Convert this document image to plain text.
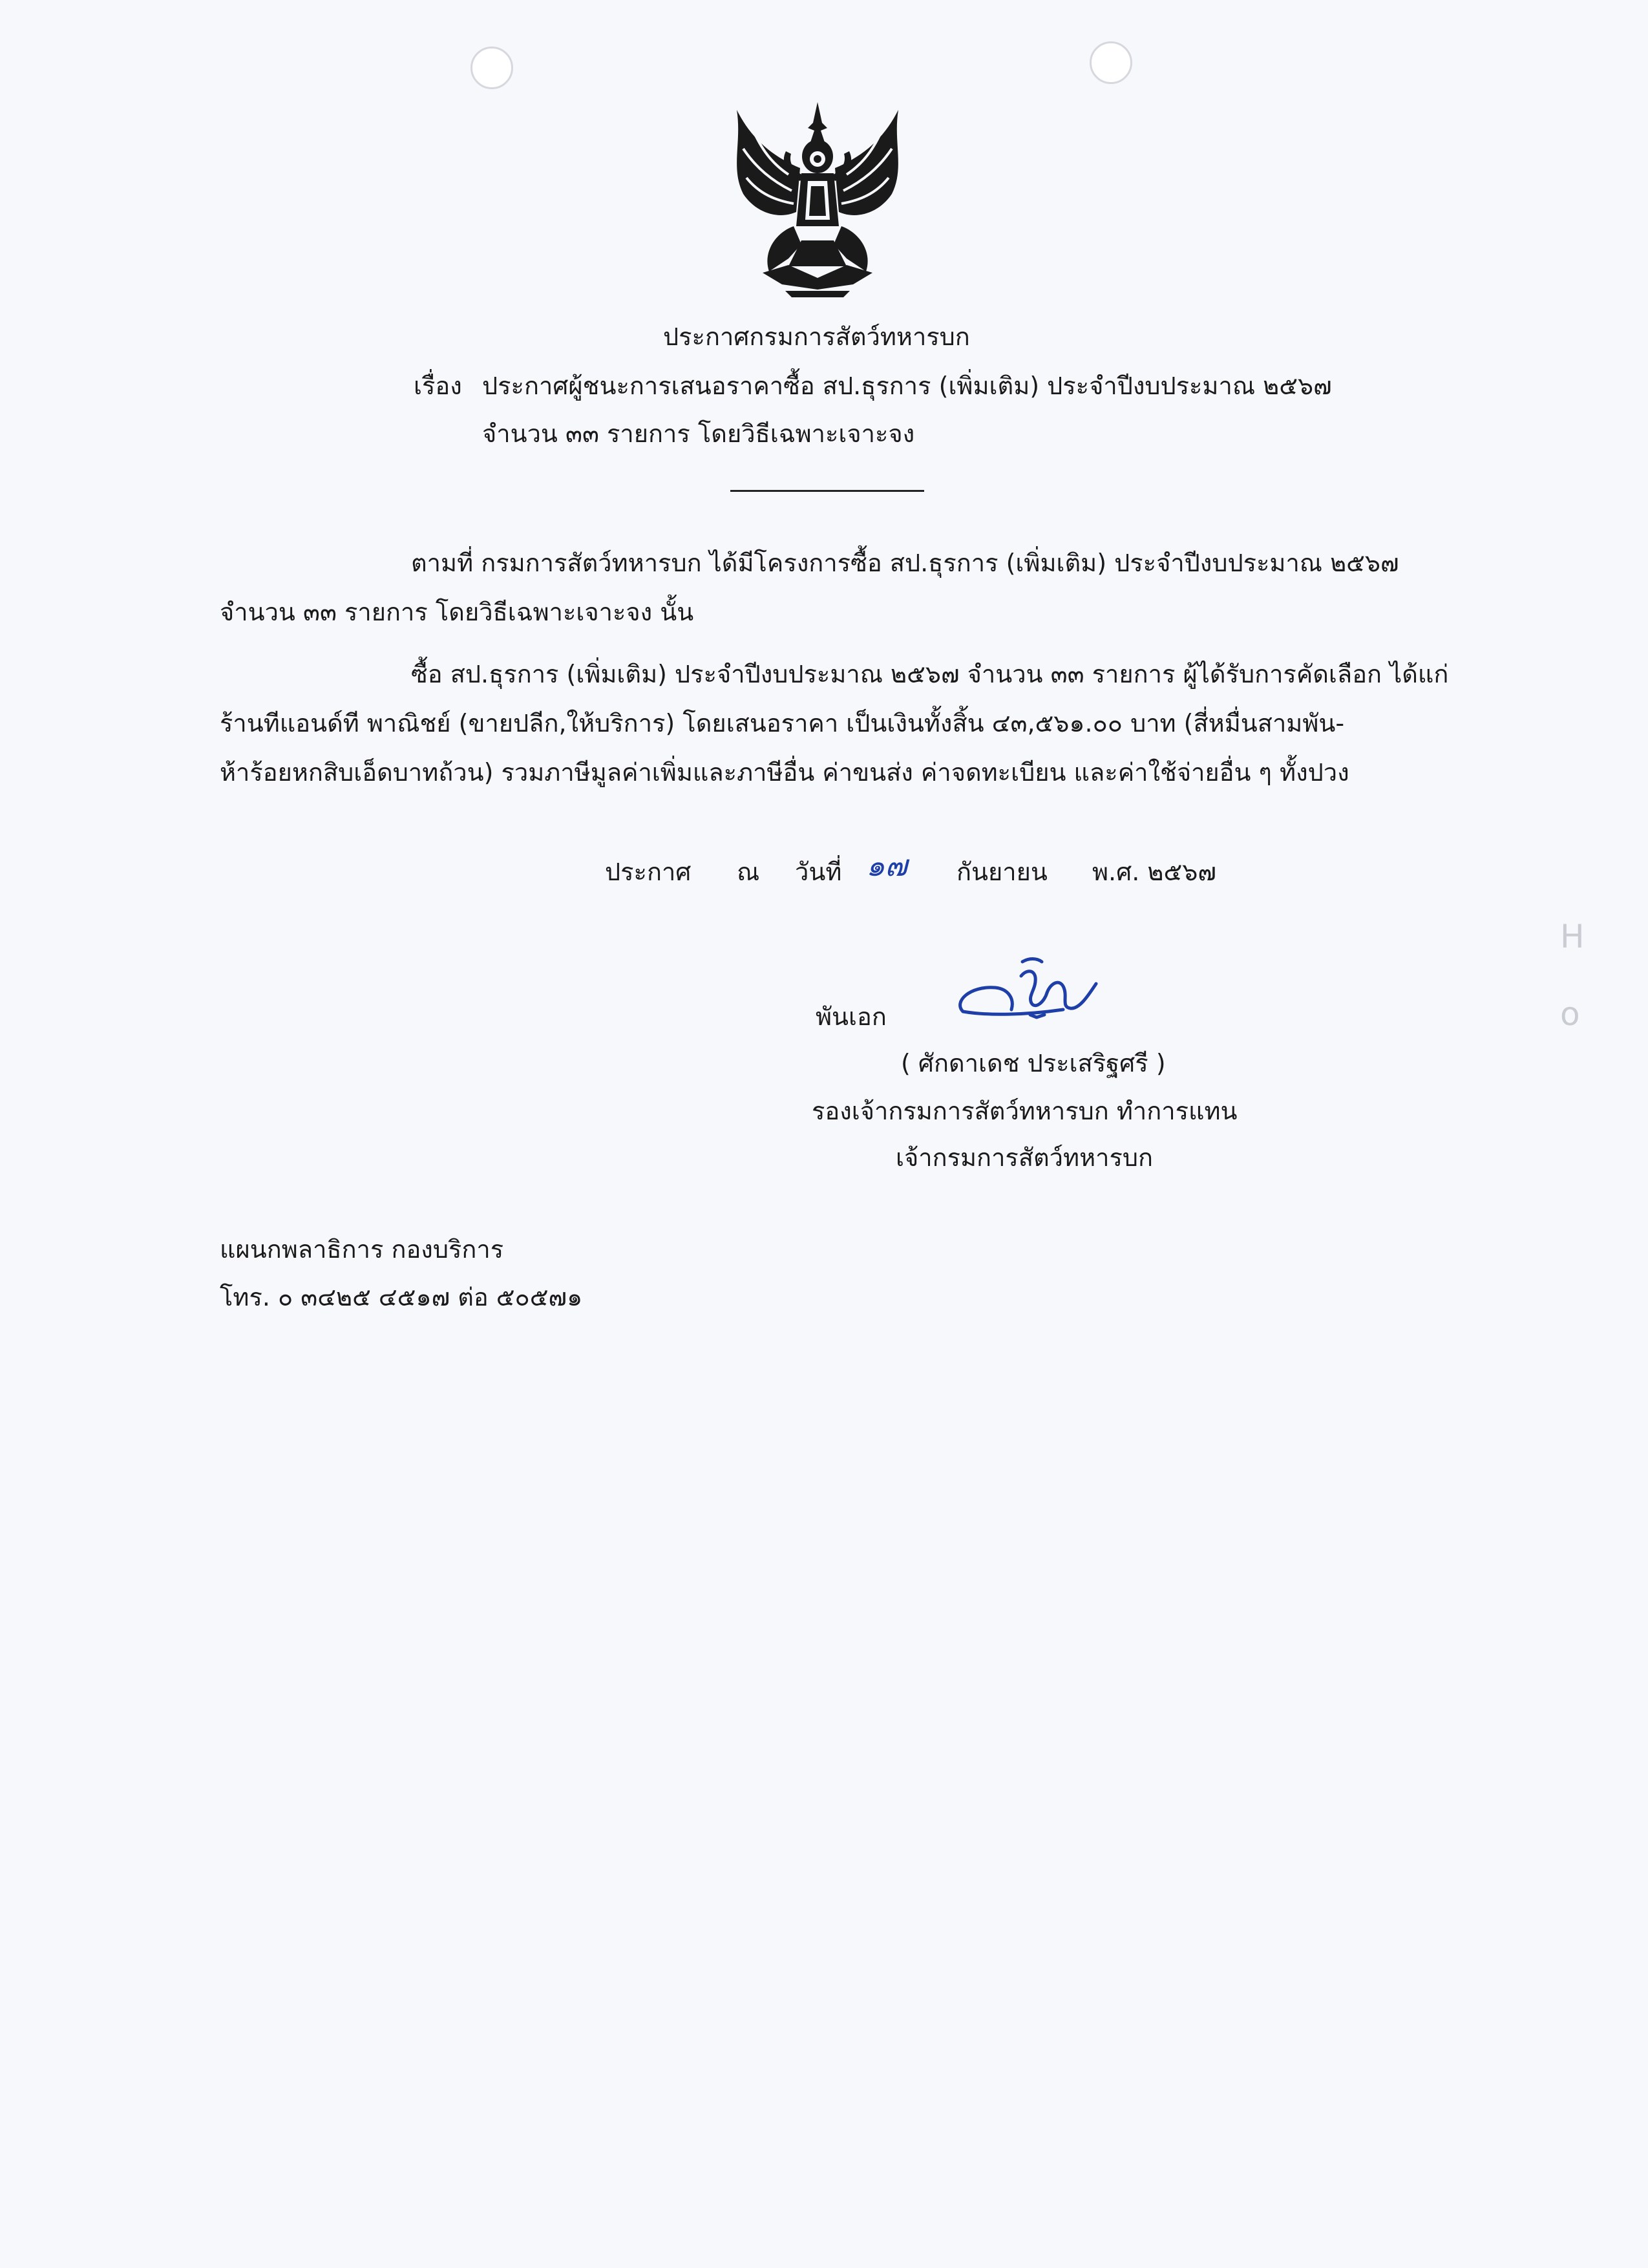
ประกาศกรมการสัตว์ทหารบก
เรื่อง ประกาศผู้ชนะการเสนอราคาซื้อ สป.ธุรการ (เพิ่มเติม) ประจำปีงบประมาณ ๒๕๖๗
จำนวน ๓๓ รายการ โดยวิธีเฉพาะเจาะจง
ตามที่ กรมการสัตว์ทหารบก ได้มีโครงการซื้อ สป.ธุรการ (เพิ่มเติม) ประจำปีงบประมาณ ๒๕๖๗
จำนวน ๓๓ รายการ โดยวิธีเฉพาะเจาะจง นั้น
ซื้อ สป.ธุรการ (เพิ่มเติม) ประจำปีงบประมาณ ๒๕๖๗ จำนวน ๓๓ รายการ ผู้ได้รับการคัดเลือก ได้แก่
ร้านทีแอนด์ที พาณิชย์ (ขายปลีก,ให้บริการ) โดยเสนอราคา เป็นเงินทั้งสิ้น ๔๓,๕๖๑.๐๐ บาท (สี่หมื่นสามพัน-
ห้าร้อยหกสิบเอ็ดบาทถ้วน) รวมภาษีมูลค่าเพิ่มและภาษีอื่น ค่าขนส่ง ค่าจดทะเบียน และค่าใช้จ่ายอื่น ๆ ทั้งปวง
ประกาศ ณ วันที่ ๑๗ กันยายน พ.ศ. ๒๕๖๗
พันเอก
( ศักดาเดช ประเสริฐศรี )
รองเจ้ากรมการสัตว์ทหารบก ทำการแทน
เจ้ากรมการสัตว์ทหารบก
แผนกพลาธิการ กองบริการ
โทร. ๐ ๓๔๒๕ ๔๕๑๗ ต่อ ๕๐๕๗๑
H
o
